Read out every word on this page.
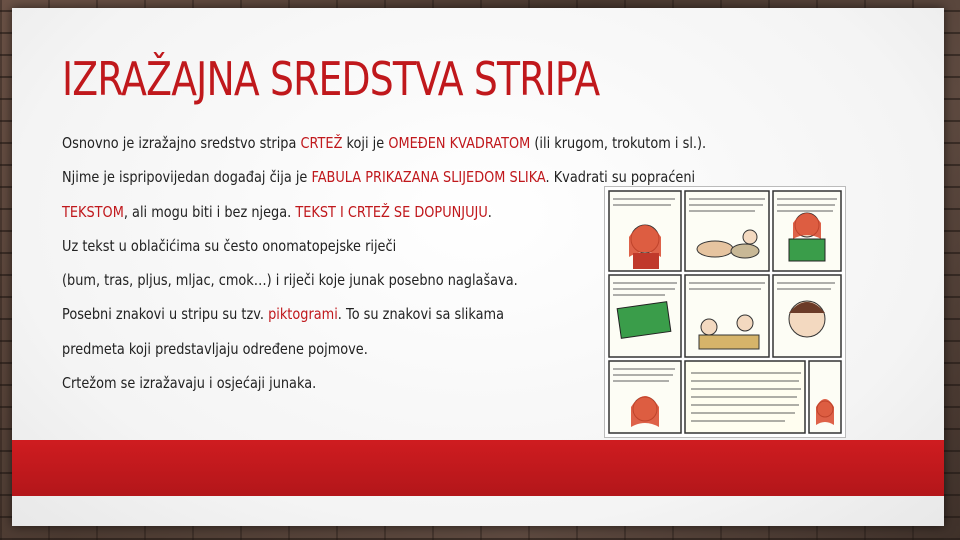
IZRAŽAJNA SREDSTVA STRIPA
Osnovno je izražajno sredstvo stripa CRTEŽ koji je OMEĐEN KVADRATOM (ili krugom, trokutom i sl.).
Njime je ispripovijedan događaj čija je FABULA PRIKAZANA SLIJEDOM SLIKA. Kvadrati su popraćeni
TEKSTOM, ali mogu biti i bez njega. TEKST I CRTEŽ SE DOPUNJUJU.
Uz tekst u oblačićima su često onomatopejske riječi
(bum, tras, pljus, mljac, cmok…) i riječi koje junak posebno naglašava.
Posebni znakovi u stripu su tzv. piktogrami. To su znakovi sa slikama
predmeta koji predstavljaju određene pojmove.
Crtežom se izražavaju i osjećaji junaka.
